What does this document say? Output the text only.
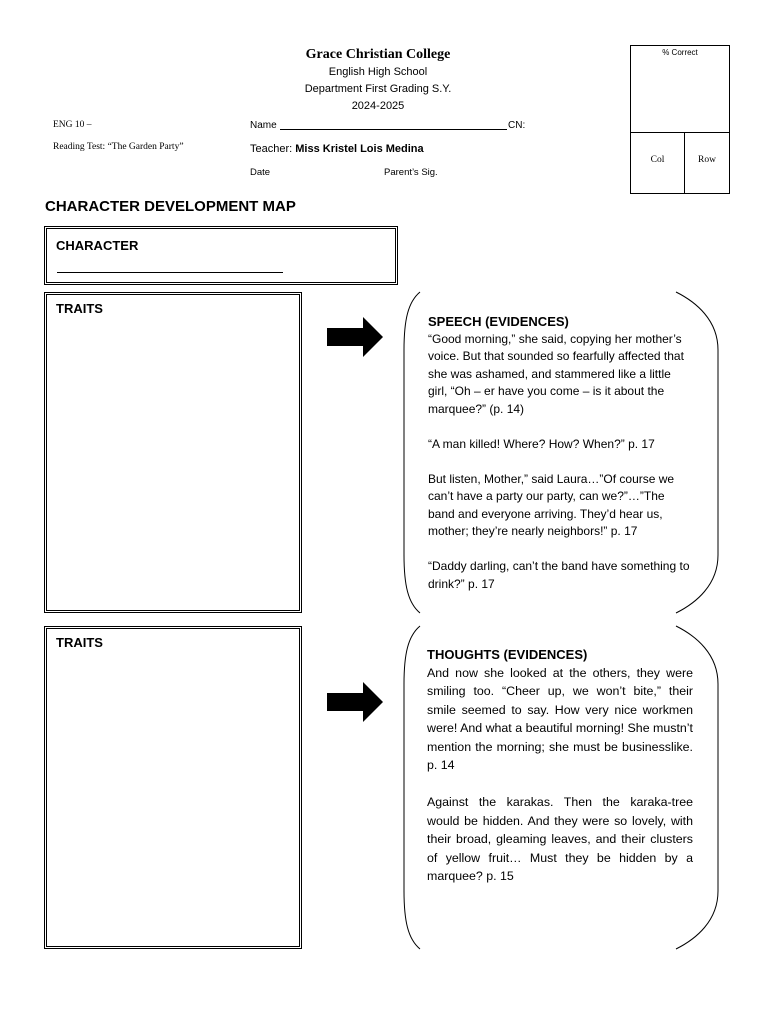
Grace Christian College
English High School
Department First Grading S.Y.
2024-2025
ENG 10 –
Reading Test: “The Garden Party”
Name	CN:
Teacher: Miss Kristel Lois Medina
Date	Parent’s Sig.
% Correct
Col	Row
CHARACTER DEVELOPMENT MAP
CHARACTER
TRAITS
SPEECH (EVIDENCES)

“Good morning,” she said, copying her mother’s voice. But that sounded so fearfully affected that she was ashamed, and stammered like a little girl, “Oh – er have you come – is it about the marquee?” (p. 14)

“A man killed! Where? How? When?” p. 17

But listen, Mother,” said Laura…”Of course we can’t have a party our party, can we?”…”The band and everyone arriving. They’d hear us, mother; they’re nearly neighbors!” p. 17

“Daddy darling, can’t the band have something to drink?” p. 17

TRAITS
THOUGHTS (EVIDENCES)

And now she looked at the others, they were smiling too. “Cheer up, we won’t bite,” their smile seemed to say. How very nice workmen were! And what a beautiful morning! She mustn’t mention the morning; she must be businesslike. p. 14

Against the karakas. Then the karaka-tree would be hidden. And they were so lovely, with their broad, gleaming leaves, and their clusters of yellow fruit… Must they be hidden by a marquee? p. 15
